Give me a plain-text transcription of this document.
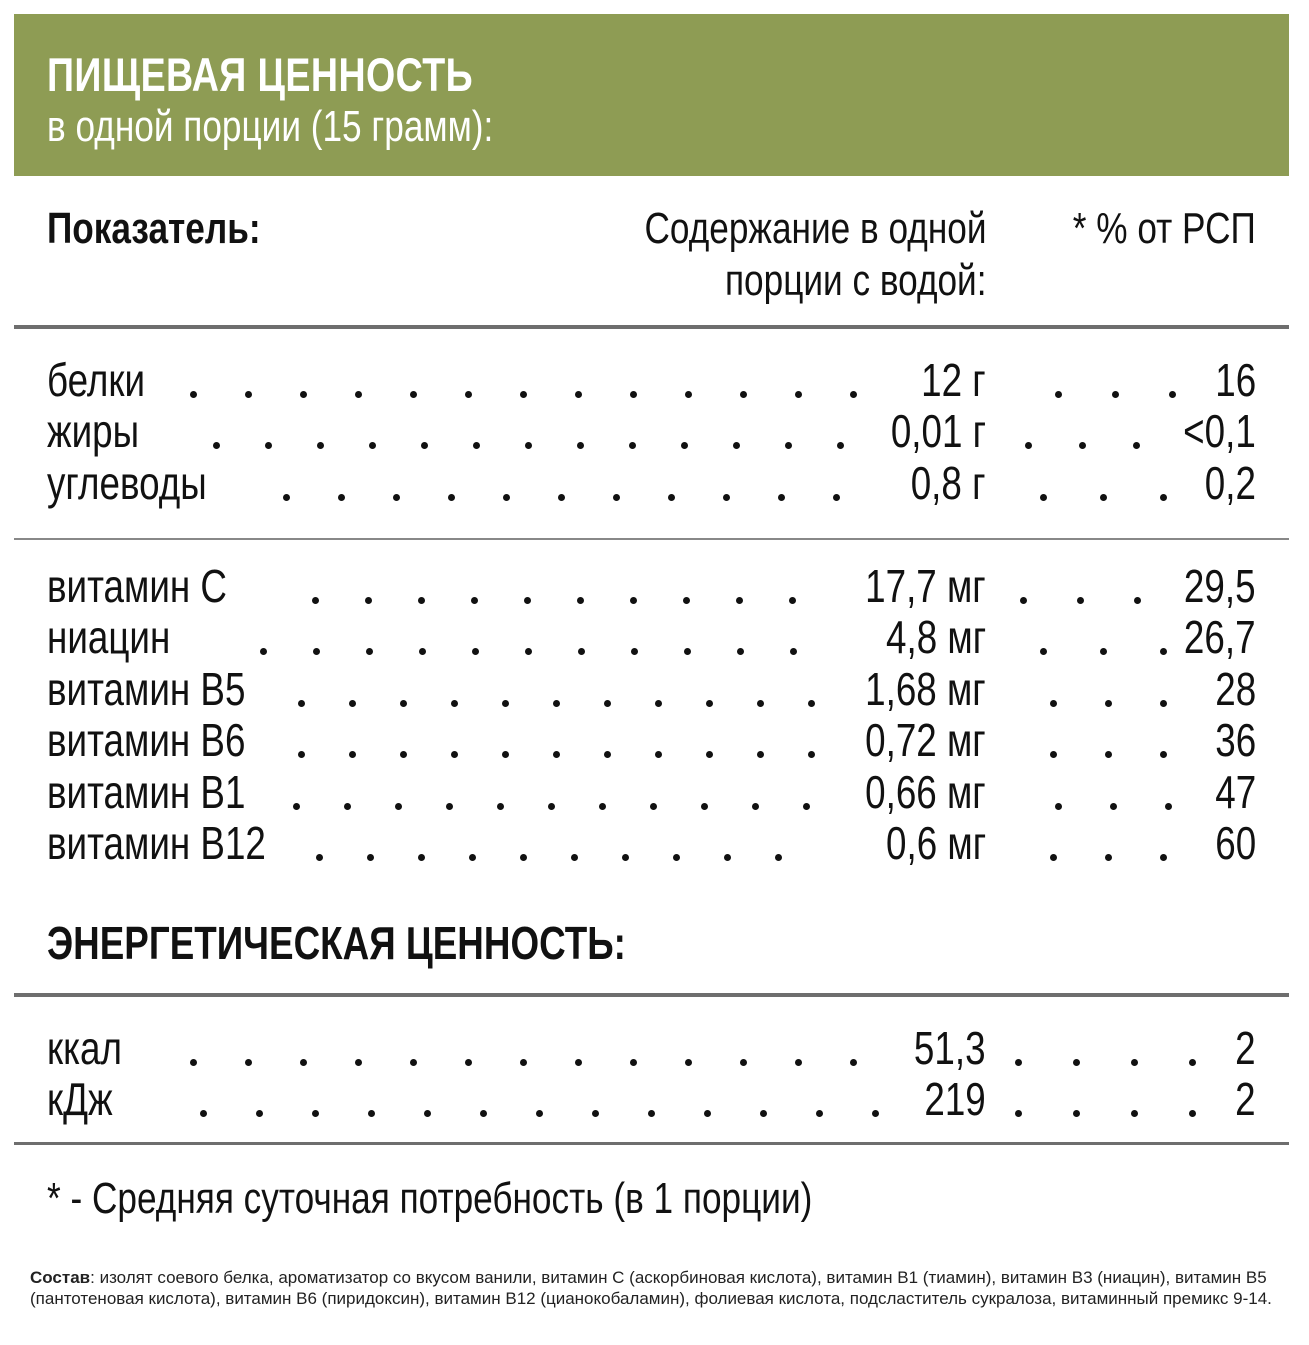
ПИЩЕВАЯ ЦЕННОСТЬ
в одной порции (15 грамм):
Показатель:	Содержание в одной
порции с водой:
* % от РСП
белки	12 г	16
жиры	0,01 г	<0,1
углеводы	0,8 г	0,2
витамин С	17,7 мг	29,5
ниацин	4,8 мг	26,7
витамин В5	1,68 мг	28
витамин В6	0,72 мг	36
витамин В1	0,66 мг	47
витамин В12	0,6 мг	60
ЭНЕРГЕТИЧЕСКАЯ ЦЕННОСТЬ:
ккал	51,3	2
кДж	219	2
* - Средняя суточная потребность (в 1 порции)
Состав: изолят соевого белка, ароматизатор со вкусом ванили, витамин С (аскорбиновая кислота), витамин В1 (тиамин), витамин В3 (ниацин), витамин В5 (пантотеновая кислота), витамин В6 (пиридоксин), витамин В12 (цианокобаламин), фолиевая кислота, подсластитель сукралоза, витаминный премикс 9-14.
